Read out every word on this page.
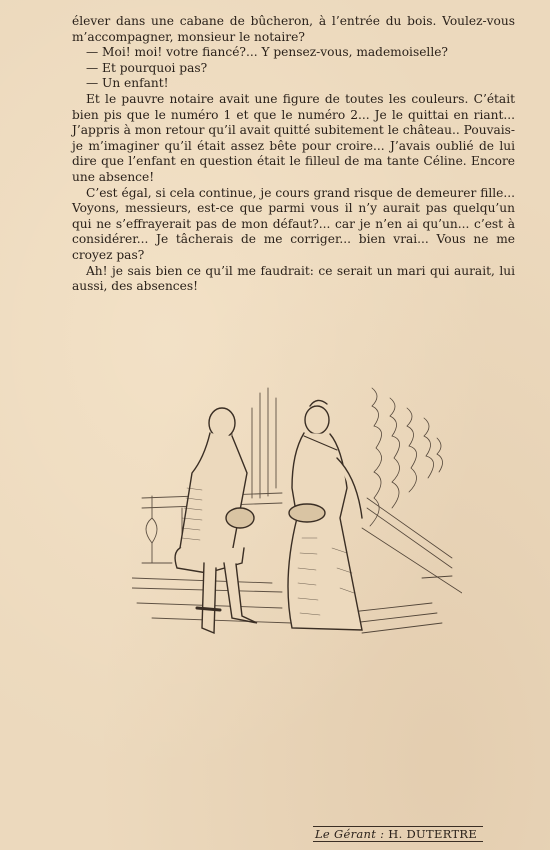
élever dans une cabane de bûcheron, à l’entrée du bois. Voulez-vous m’accompagner, monsieur le notaire?

— Moi! moi! votre fiancé?... Y pensez-vous, mademoiselle?

— Et pourquoi pas?

— Un enfant!

Et le pauvre notaire avait une figure de toutes les couleurs. C’était bien pis que le numéro 1 et que le numéro 2... Je le quittai en riant... J’appris à mon retour qu’il avait quitté subitement le château.. Pouvais-je m’imaginer qu’il était assez bête pour croire... J’avais oublié de lui dire que l’enfant en question était le filleul de ma tante Céline. Encore une absence!

C’est égal, si cela continue, je cours grand risque de demeurer fille... Voyons, messieurs, est-ce que parmi vous il n’y aurait pas quelqu’un qui ne s’effrayerait pas de mon défaut?... car je n’en ai qu’un... c’est à considérer... Je tâcherais de me corriger... bien vrai... Vous ne me croyez pas?

Ah! je sais bien ce qu’il me faudrait: ce serait un mari qui aurait, lui aussi, des absences!

Le Gérant : H. DUTERTRE
